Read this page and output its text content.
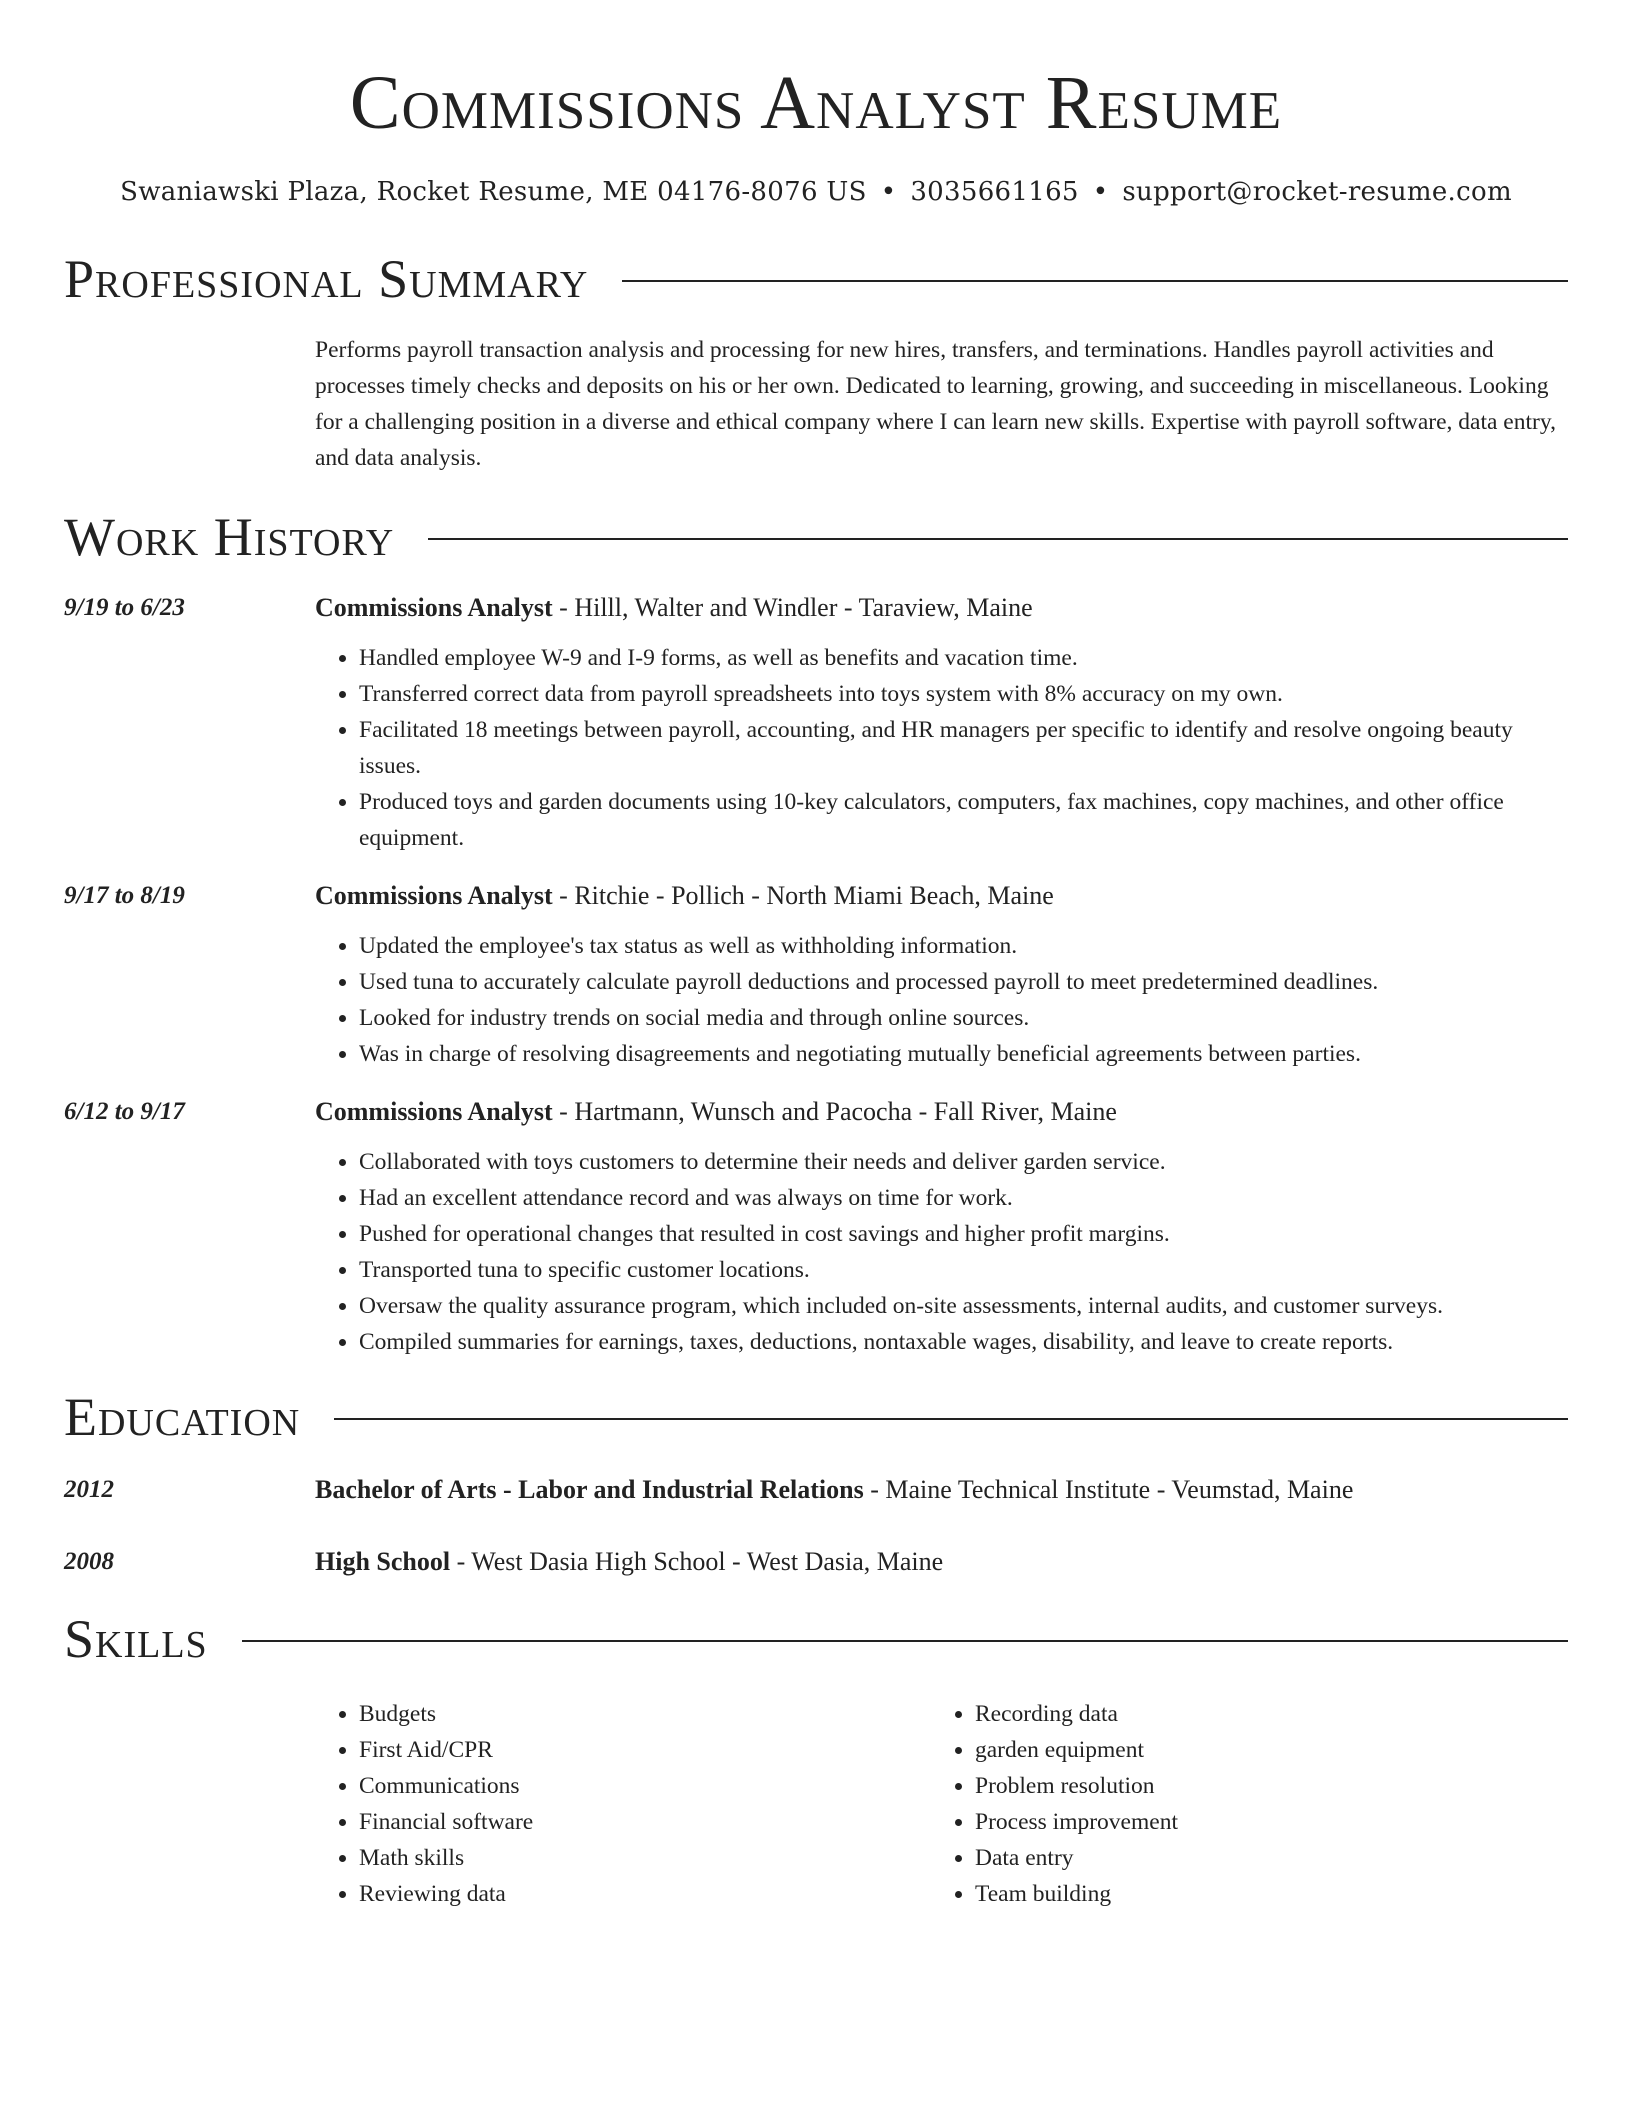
Commissions Analyst Resume
Swaniawski Plaza, Rocket Resume, ME 04176-8076 US • 3035661165 • support@rocket-resume.com
Professional Summary

Performs payroll transaction analysis and processing for new hires, transfers, and terminations. Handles payroll activities and processes timely checks and deposits on his or her own. Dedicated to learning, growing, and succeeding in miscellaneous. Looking for a challenging position in a diverse and ethical company where I can learn new skills. Expertise with payroll software, data entry, and data analysis.

Work History
9/19 to 6/23	Commissions Analyst - Hilll, Walter and Windler - Taraview, Maine
• Handled employee W-9 and I-9 forms, as well as benefits and vacation time.
• Transferred correct data from payroll spreadsheets into toys system with 8% accuracy on my own.
• Facilitated 18 meetings between payroll, accounting, and HR managers per specific to identify and resolve ongoing beauty issues.
• Produced toys and garden documents using 10-key calculators, computers, fax machines, copy machines, and other office equipment.
9/17 to 8/19	Commissions Analyst - Ritchie - Pollich - North Miami Beach, Maine
• Updated the employee's tax status as well as withholding information.
• Used tuna to accurately calculate payroll deductions and processed payroll to meet predetermined deadlines.
• Looked for industry trends on social media and through online sources.
• Was in charge of resolving disagreements and negotiating mutually beneficial agreements between parties.
6/12 to 9/17	Commissions Analyst - Hartmann, Wunsch and Pacocha - Fall River, Maine
• Collaborated with toys customers to determine their needs and deliver garden service.
• Had an excellent attendance record and was always on time for work.
• Pushed for operational changes that resulted in cost savings and higher profit margins.
• Transported tuna to specific customer locations.
• Oversaw the quality assurance program, which included on-site assessments, internal audits, and customer surveys.
• Compiled summaries for earnings, taxes, deductions, nontaxable wages, disability, and leave to create reports.
Education
2012	Bachelor of Arts - Labor and Industrial Relations - Maine Technical Institute - Veumstad, Maine
2008	High School - West Dasia High School - West Dasia, Maine
Skills
• Budgets
• First Aid/CPR
• Communications
• Financial software
• Math skills
• Reviewing data
• Recording data
• garden equipment
• Problem resolution
• Process improvement
• Data entry
• Team building
